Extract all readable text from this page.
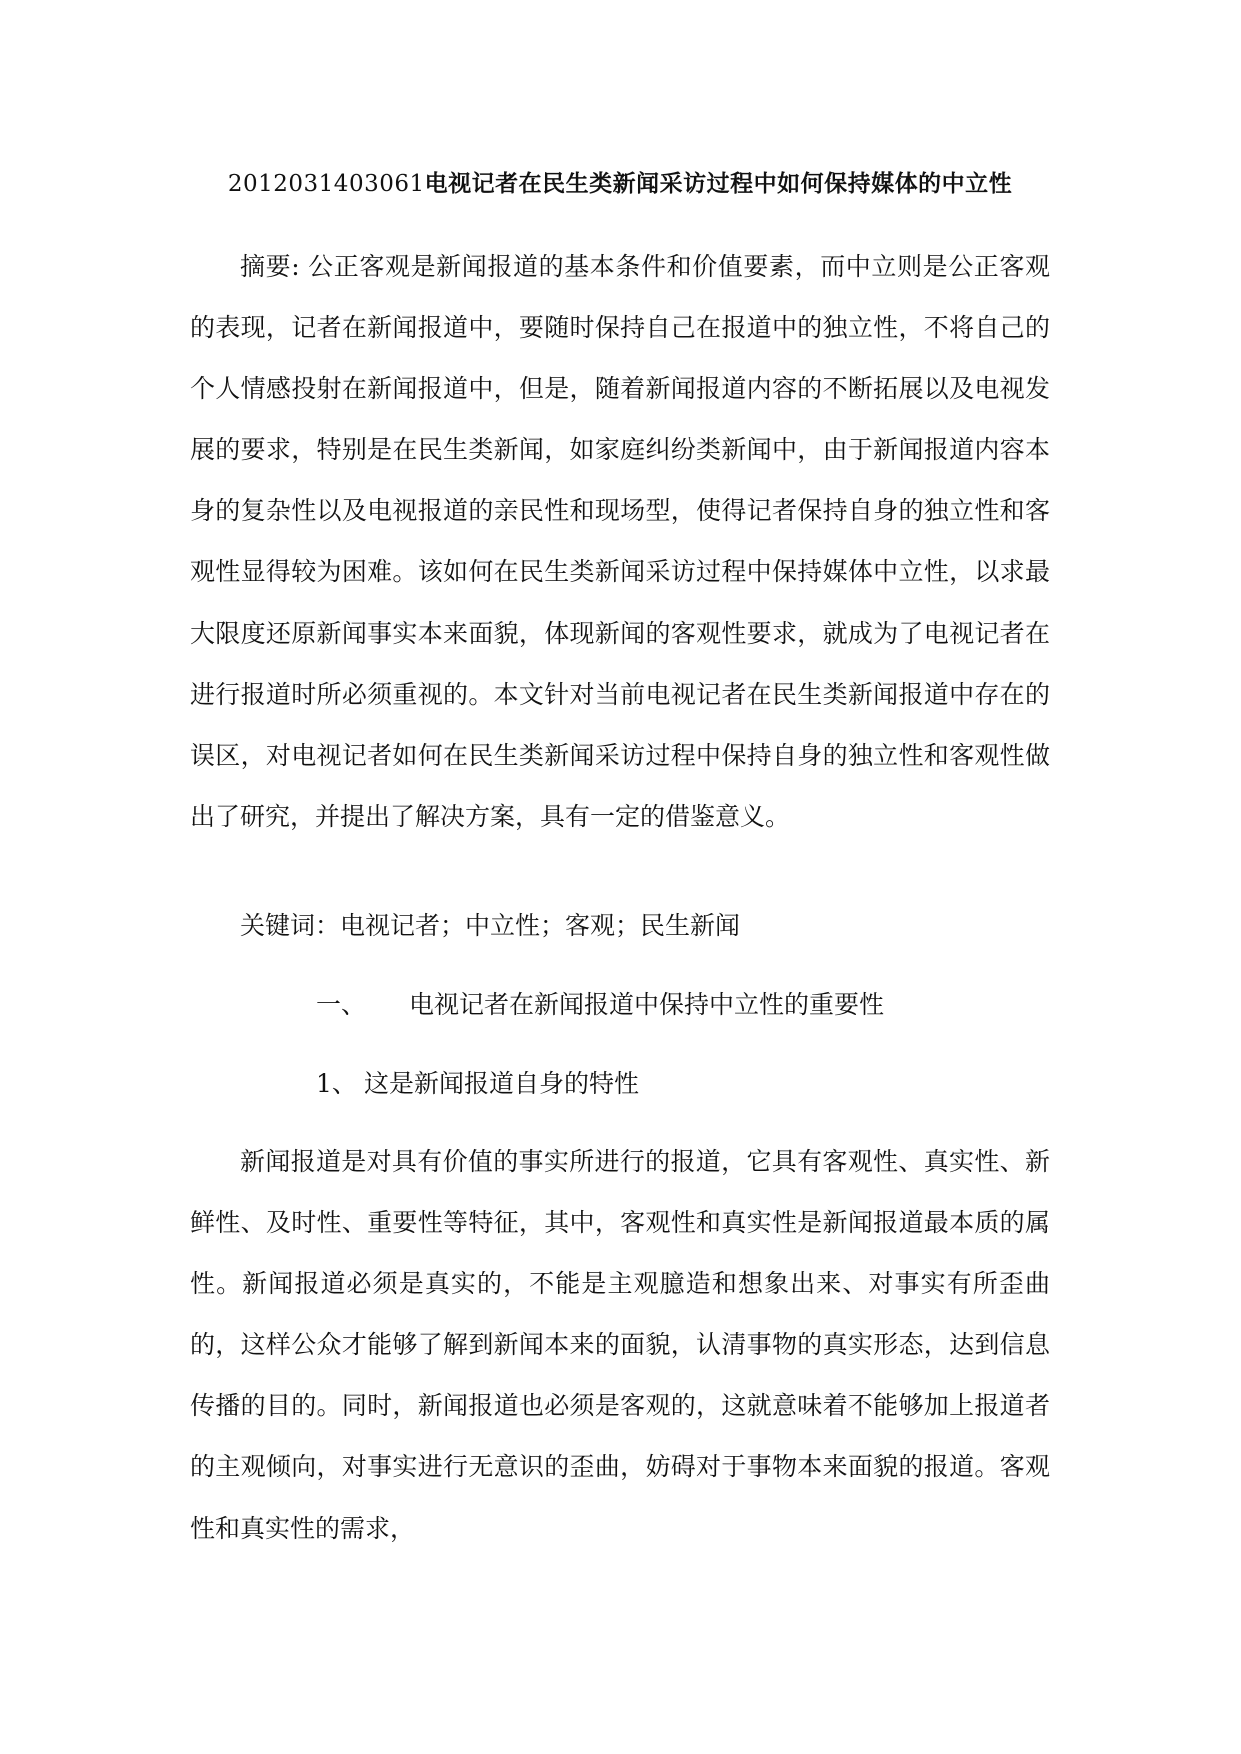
2012031403061电视记者在民生类新闻采访过程中如何保持媒体的中立性

摘要: 公正客观是新闻报道的基本条件和价值要素，而中立则是公正客观的表现，记者在新闻报道中，要随时保持自己在报道中的独立性，不将自己的个人情感投射在新闻报道中，但是，随着新闻报道内容的不断拓展以及电视发展的要求，特别是在民生类新闻，如家庭纠纷类新闻中，由于新闻报道内容本身的复杂性以及电视报道的亲民性和现场型，使得记者保持自身的独立性和客观性显得较为困难。该如何在民生类新闻采访过程中保持媒体中立性，以求最大限度还原新闻事实本来面貌，体现新闻的客观性要求，就成为了电视记者在进行报道时所必须重视的。本文针对当前电视记者在民生类新闻报道中存在的误区，对电视记者如何在民生类新闻采访过程中保持自身的独立性和客观性做出了研究，并提出了解决方案，具有一定的借鉴意义。

关键词：电视记者；中立性；客观；民生新闻
一、 电视记者在新闻报道中保持中立性的重要性
1、 这是新闻报道自身的特性

新闻报道是对具有价值的事实所进行的报道，它具有客观性、真实性、新鲜性、及时性、重要性等特征，其中，客观性和真实性是新闻报道最本质的属性。新闻报道必须是真实的，不能是主观臆造和想象出来、对事实有所歪曲的，这样公众才能够了解到新闻本来的面貌，认清事物的真实形态，达到信息传播的目的。同时，新闻报道也必须是客观的，这就意味着不能够加上报道者的主观倾向，对事实进行无意识的歪曲，妨碍对于事物本来面貌的报道。客观性和真实性的需求，
